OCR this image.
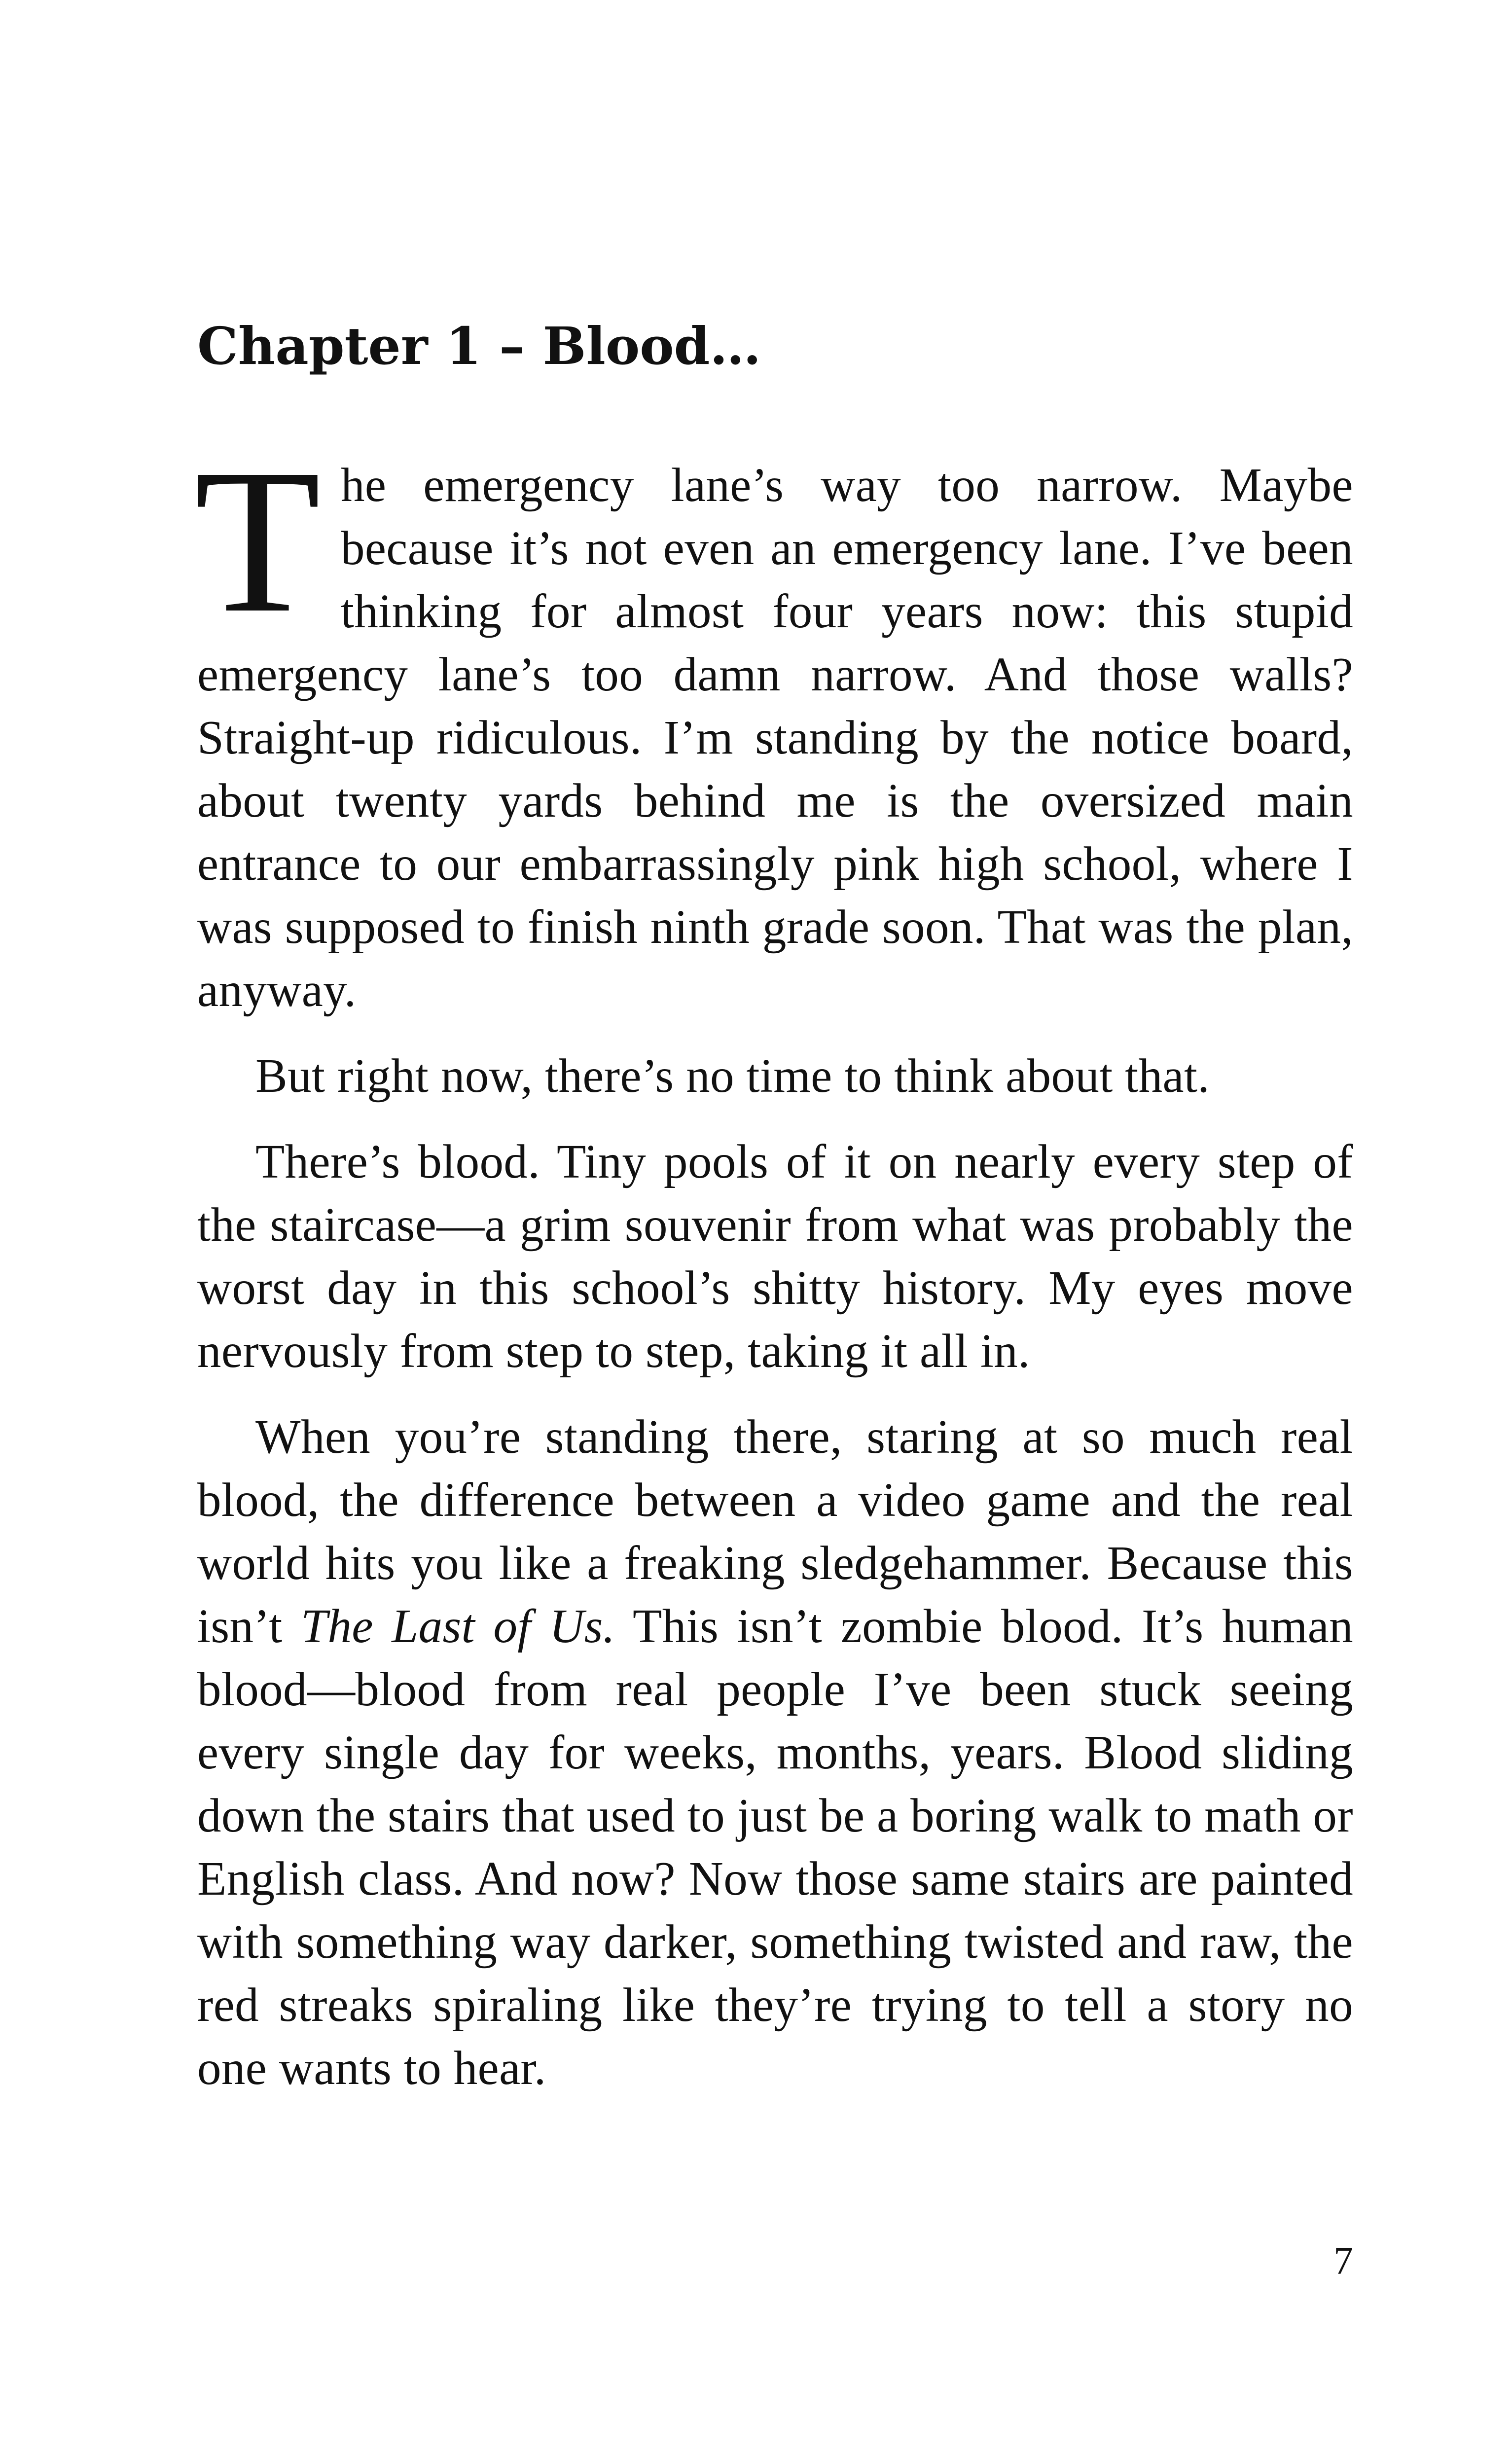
Chapter 1 – Blood…

The emergency lane’s way too narrow. Maybe because it’s not even an emergency lane. I’ve been thinking for almost four years now: this stupid emergency lane’s too damn narrow. And those walls? Straight-up ridiculous. I’m standing by the notice board, about twenty yards behind me is the oversized main entrance to our embarrassingly pink high school, where I was supposed to finish ninth grade soon. That was the plan, anyway.

But right now, there’s no time to think about that.

There’s blood. Tiny pools of it on nearly every step of the staircase—a grim souvenir from what was probably the worst day in this school’s shitty history. My eyes move nervously from step to step, taking it all in.

When you’re standing there, staring at so much real blood, the difference between a video game and the real world hits you like a freaking sledgehammer. Because this isn’t The Last of Us. This isn’t zombie blood. It’s human blood—blood from real people I’ve been stuck seeing every single day for weeks, months, years. Blood sliding down the stairs that used to just be a boring walk to math or English class. And now? Now those same stairs are painted with something way darker, something twisted and raw, the red streaks spiraling like they’re trying to tell a story no one wants to hear.

7
